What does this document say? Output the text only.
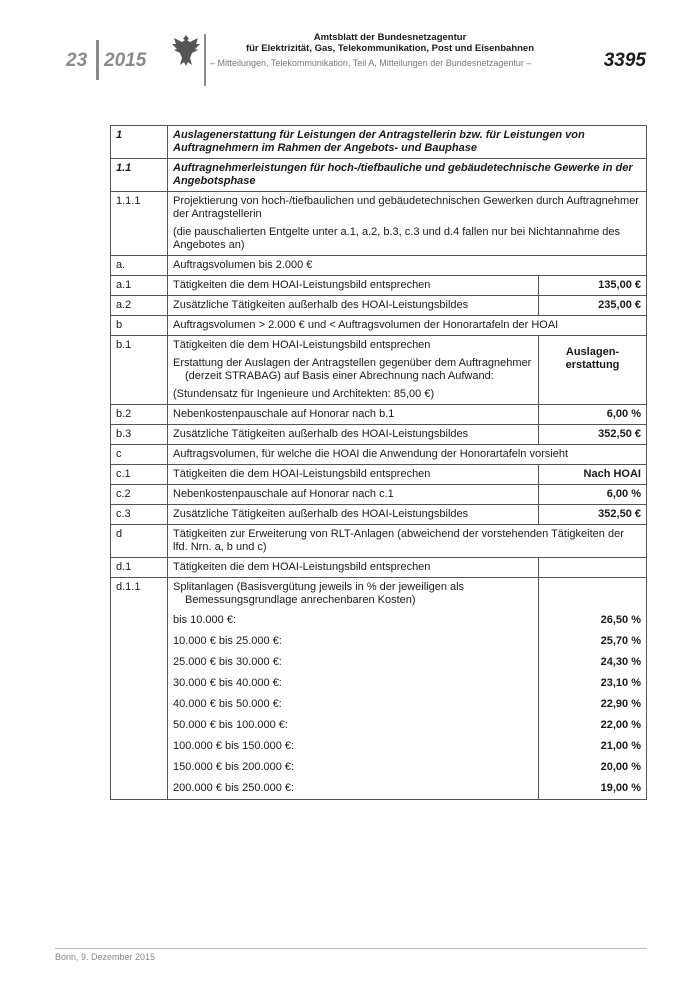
23 2015
Amtsblatt der Bundesnetzagentur
für Elektrizität, Gas, Telekommunikation, Post und Eisenbahnen
– Mitteilungen, Telekommunikation, Teil A, Mitteilungen der Bundesnetzagentur –	3395
1	Auslagenerstattung für Leistungen der Antragstellerin bzw. für Leistungen von Auftragnehmern im Rahmen der Angebots- und Bauphase	
1.1	Auftragnehmerleistungen für hoch-/tiefbauliche und gebäudetechnische Gewerke in der Angebotsphase	
1.1.1	Projektierung von hoch-/tiefbaulichen und gebäudetechnischen Gewerken durch Auftragnehmer der Antragstellerin
(die pauschalierten Entgelte unter a.1, a.2, b.3, c.3 und d.4 fallen nur bei Nichtannahme des Angebotes an)	

a.	Auftragsvolumen bis 2.000 €	
a.1	Tätigkeiten die dem HOAI-Leistungsbild entsprechen	135,00 €
a.2	Zusätzliche Tätigkeiten außerhalb des HOAI-Leistungsbildes	235,00 €
b	Auftragsvolumen > 2.000 € und < Auftragsvolumen der Honorartafeln der HOAI	
b.1	Tätigkeiten die dem HOAI-Leistungsbild entsprechen
Erstattung der Auslagen der Antragstellen gegenüber dem Auftragnehmer (derzeit STRABAG) auf Basis einer Abrechnung nach Aufwand:
(Stundensatz für Ingenieure und Architekten: 85,00 €)	Auslagen-erstattung
b.2	Nebenkostenpauschale auf Honorar nach b.1	6,00 %
b.3	Zusätzliche Tätigkeiten außerhalb des HOAI-Leistungsbildes	352,50 €
c	Auftragsvolumen, für welche die HOAI die Anwendung der Honorartafeln vorsieht	
c.1	Tätigkeiten die dem HOAI-Leistungsbild entsprechen	Nach HOAI
c.2	Nebenkostenpauschale auf Honorar nach c.1	6,00 %
c.3	Zusätzliche Tätigkeiten außerhalb des HOAI-Leistungsbildes	352,50 €
d	Tätigkeiten zur Erweiterung von RLT-Anlagen (abweichend der vorstehenden Tätigkeiten der lfd. Nrn. a, b und c)	
d.1	Tätigkeiten die dem HOAI-Leistungsbild entsprechen	
d.1.1	Splitanlagen (Basisvergütung jeweils in % der jeweiligen als Bemessungsgrundlage anrechenbaren Kosten)	

	bis 10.000 €:	26,50 %
	10.000 € bis 25.000 €:	25,70 %
	25.000 € bis 30.000 €:	24,30 %
	30.000 € bis 40.000 €:	23,10 %
	40.000 € bis 50.000 €:	22,90 %
	50.000 € bis 100.000 €:	22,00 %
	100.000 € bis 150.000 €:	21,00 %
	150.000 € bis 200.000 €:	20,00 %
	200.000 € bis 250.000 €:	19,00 %
Bonn, 9. Dezember 2015
